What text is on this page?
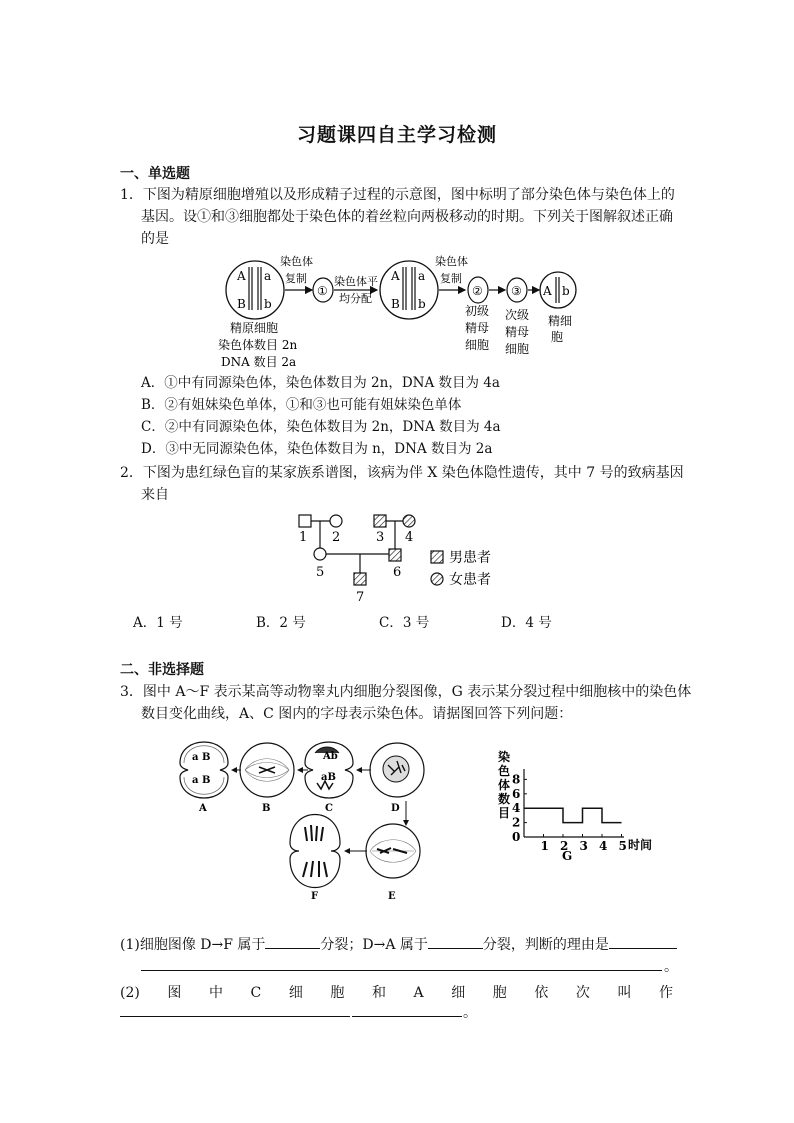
习题课四自主学习检测
一、单选题
1．下图为精原细胞增殖以及形成精子过程的示意图，图中标明了部分染色体与染色体上的
基因。设①和③细胞都处于染色体的着丝粒向两极移动的时期。下列关于图解叙述正确
的是
A a
B b
染色体
复制
①
染色体平
均分配
A a
B b
染色体
复制
② ③ A b
精原细胞
染色体数目 2n
DNA 数目 2a
初级
精母
细胞
次级
精母
细胞
精细
胞
A．①中有同源染色体，染色体数目为 2n，DNA 数目为 4a
B．②有姐妹染色单体，①和③也可能有姐妹染色单体
C．②中有同源染色体，染色体数目为 2n，DNA 数目为 4a
D．③中无同源染色体，染色体数目为 n，DNA 数目为 2a
2．下图为患红绿色盲的某家族系谱图，该病为伴 X 染色体隐性遗传，其中 7 号的致病基因
来自
1 2	3 4
5	6
7
男患者
女患者
A．1 号	B．2 号	C．3 号	D．4 号
二、非选择题
3．图中 A～F 表示某高等动物睾丸内细胞分裂图像，G 表示某分裂过程中细胞核中的染色体
数目变化曲线，A、C 图内的字母表示染色体。请据图回答下列问题：
a B
a B
A	B
Ab
aB
C	D
E
F
染
色
体
数
目
0
2
4
6
8
1 2 3 4 5 时间
G
(1)细胞图像 D→F 属于	分裂；D→A 属于	分裂，判断的理由是
。
(2) 图 中 C 细 胞 和 A 细 胞 依 次 叫 作
。
